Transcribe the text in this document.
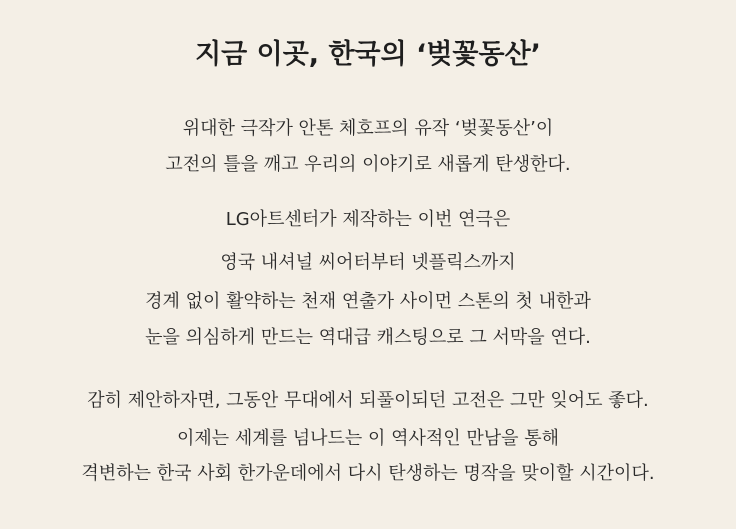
지금 이곳, 한국의 ‘벚꽃동산’
위대한 극작가 안톤 체호프의 유작 ‘벚꽃동산’이
고전의 틀을 깨고 우리의 이야기로 새롭게 탄생한다.
LG아트센터가 제작하는 이번 연극은
영국 내셔널 씨어터부터 넷플릭스까지
경계 없이 활약하는 천재 연출가 사이먼 스톤의 첫 내한과
눈을 의심하게 만드는 역대급 캐스팅으로 그 서막을 연다.
감히 제안하자면, 그동안 무대에서 되풀이되던 고전은 그만 잊어도 좋다.
이제는 세계를 넘나드는 이 역사적인 만남을 통해
격변하는 한국 사회 한가운데에서 다시 탄생하는 명작을 맞이할 시간이다.
